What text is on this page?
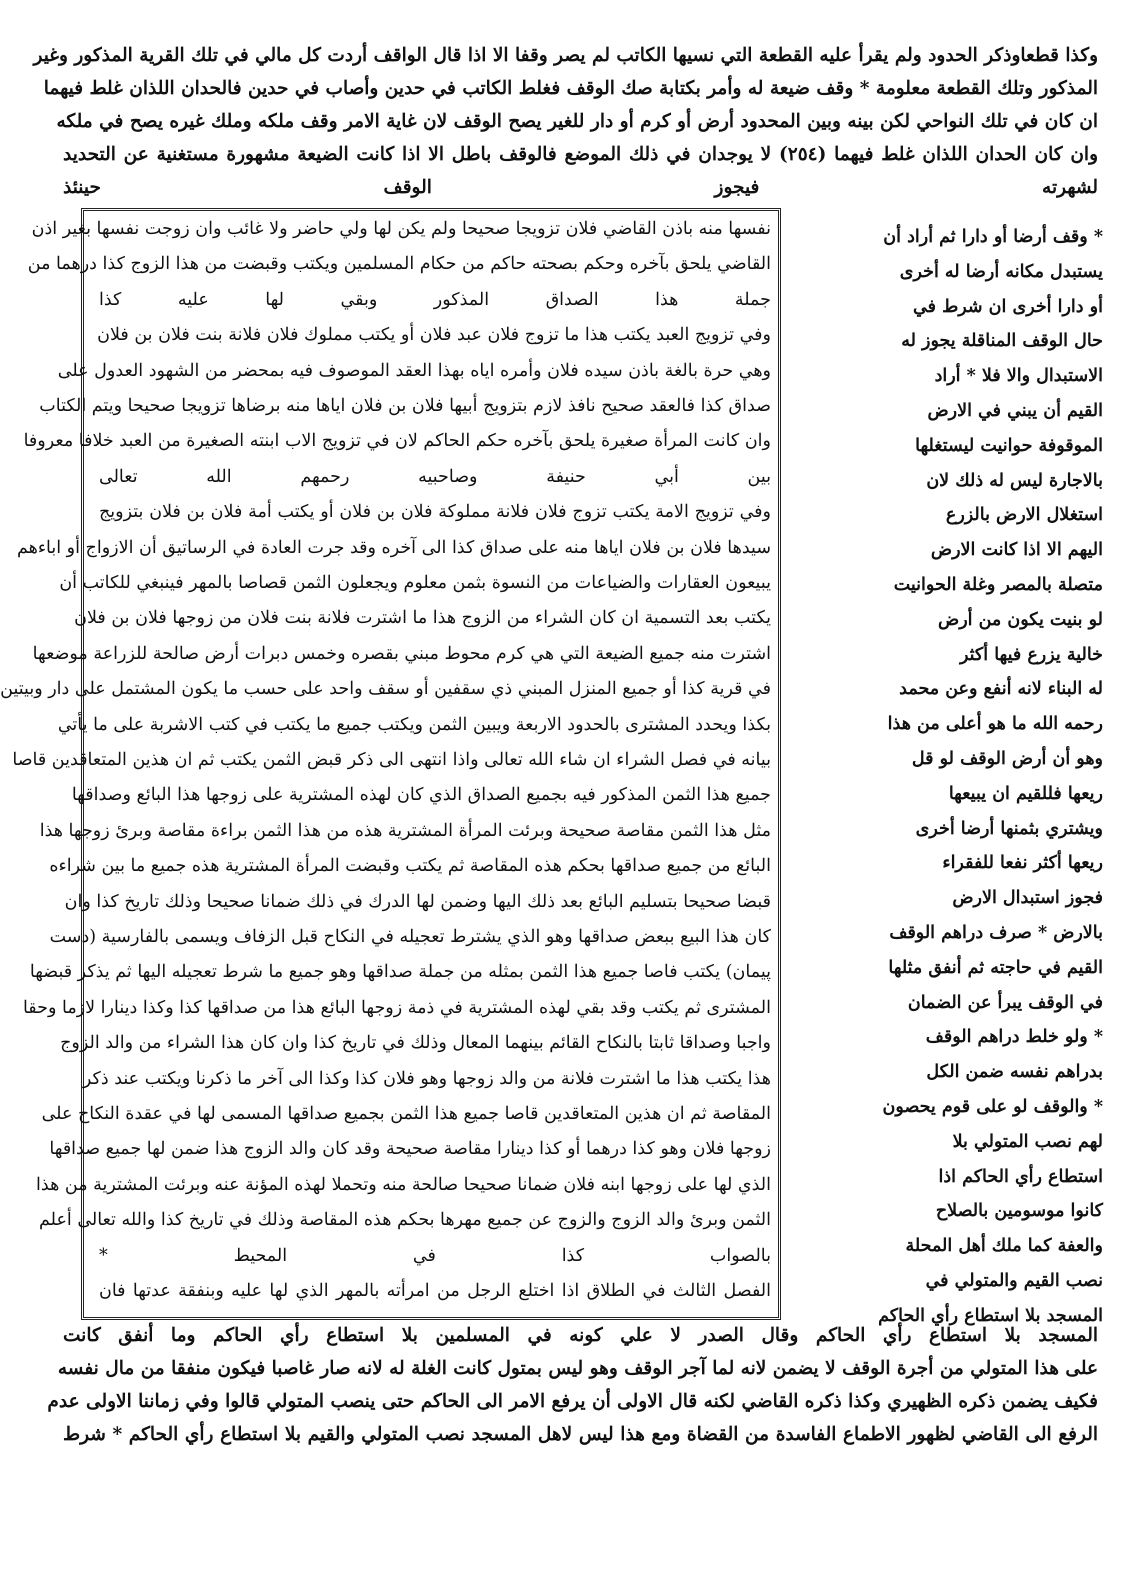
وكذا قطعاوذكر الحدود ولم يقرأ عليه القطعة التي نسيها الكاتب لم يصر وقفا الا اذا قال الواقف أردت كل مالي في تلك القرية المذكور وغير
المذكور وتلك القطعة معلومة * وقف ضيعة له وأمر بكتابة صك الوقف فغلط الكاتب في حدين وأصاب في حدين فالحدان اللذان غلط فيهما
ان كان في تلك النواحي لكن بينه وبين المحدود أرض أو كرم أو دار للغير يصح الوقف لان غاية الامر وقف ملكه وملك غيره يصح في ملكه
وان كان الحدان اللذان غلط فيهما (٢٥٤) لا يوجدان في ذلك الموضع فالوقف باطل الا اذا كانت الضيعة مشهورة مستغنية عن التحديد
لشهرته فيجوز الوقف حينئذ
نفسها منه باذن القاضي فلان تزويجا صحيحا ولم يكن لها ولي حاضر ولا غائب وان زوجت نفسها بغير اذن
القاضي يلحق بآخره وحكم بصحته حاكم من حكام المسلمين ويكتب وقبضت من هذا الزوج كذا درهما من
جملة هذا الصداق المذكور وبقي لها عليه كذا
وفي تزويج العبد يكتب هذا ما تزوج فلان عبد فلان أو يكتب مملوك فلان فلانة بنت فلان بن فلان
وهي حرة بالغة باذن سيده فلان وأمره اياه بهذا العقد الموصوف فيه بمحضر من الشهود العدول على
صداق كذا فالعقد صحيح نافذ لازم بتزويج أبيها فلان بن فلان اياها منه برضاها تزويجا صحيحا ويتم الكتاب
وان كانت المرأة صغيرة يلحق بآخره حكم الحاكم لان في تزويج الاب ابنته الصغيرة من العبد خلافا معروفا
بين أبي حنيفة وصاحبيه رحمهم الله تعالى
وفي تزويج الامة يكتب تزوج فلان فلانة مملوكة فلان بن فلان أو يكتب أمة فلان بن فلان بتزويج
سيدها فلان بن فلان اياها منه على صداق كذا الى آخره وقد جرت العادة في الرساتيق أن الازواج أو اباءهم
يبيعون العقارات والضياعات من النسوة بثمن معلوم ويجعلون الثمن قصاصا بالمهر فينبغي للكاتب أن
يكتب بعد التسمية ان كان الشراء من الزوج هذا ما اشترت فلانة بنت فلان من زوجها فلان بن فلان
اشترت منه جميع الضيعة التي هي كرم محوط مبني بقصره وخمس دبرات أرض صالحة للزراعة موضعها
في قرية كذا أو جميع المنزل المبني ذي سقفين أو سقف واحد على حسب ما يكون المشتمل على دار وبيتين
بكذا ويحدد المشترى بالحدود الاربعة ويبين الثمن ويكتب جميع ما يكتب في كتب الاشربة على ما يأتي
بيانه في فصل الشراء ان شاء الله تعالى واذا انتهى الى ذكر قبض الثمن يكتب ثم ان هذين المتعاقدين قاصا
جميع هذا الثمن المذكور فيه بجميع الصداق الذي كان لهذه المشترية على زوجها هذا البائع وصداقها
مثل هذا الثمن مقاصة صحيحة وبرئت المرأة المشترية هذه من هذا الثمن براءة مقاصة وبرئ زوجها هذا
البائع من جميع صداقها بحكم هذه المقاصة ثم يكتب وقبضت المرأة المشترية هذه جميع ما بين شراءه
قبضا صحيحا بتسليم البائع بعد ذلك اليها وضمن لها الدرك في ذلك ضمانا صحيحا وذلك تاريخ كذا وان
كان هذا البيع ببعض صداقها وهو الذي يشترط تعجيله في النكاح قبل الزفاف ويسمى بالفارسية (دست
پیمان) يكتب فاصا جميع هذا الثمن بمثله من جملة صداقها وهو جميع ما شرط تعجيله اليها ثم يذكر قبضها
المشترى ثم يكتب وقد بقي لهذه المشترية في ذمة زوجها البائع هذا من صداقها كذا وكذا دينارا لازما وحقا
واجبا وصداقا ثابتا بالنكاح القائم بينهما المعال وذلك في تاريخ كذا وان كان هذا الشراء من والد الزوج
هذا يكتب هذا ما اشترت فلانة من والد زوجها وهو فلان كذا وكذا الى آخر ما ذكرنا ويكتب عند ذكر
المقاصة ثم ان هذين المتعاقدين قاصا جميع هذا الثمن بجميع صداقها المسمى لها في عقدة النكاح على
زوجها فلان وهو كذا درهما أو كذا دينارا مقاصة صحيحة وقد كان والد الزوج هذا ضمن لها جميع صداقها
الذي لها على زوجها ابنه فلان ضمانا صحيحا صالحة منه وتحملا لهذه المؤنة عنه وبرئت المشترية من هذا
الثمن وبرئ والد الزوج والزوج عن جميع مهرها بحكم هذه المقاصة وذلك في تاريخ كذا والله تعالى أعلم
بالصواب كذا في المحيط *
الفصل الثالث في الطلاق اذا اختلع الرجل من امرأته بالمهر الذي لها عليه وبنفقة عدتها فان
* وقف أرضا أو دارا ثم أراد أن
يستبدل مكانه أرضا له أخرى
أو دارا أخرى ان شرط في
حال الوقف المناقلة يجوز له
الاستبدال والا فلا * أراد
القيم أن يبني في الارض
الموقوفة حوانيت ليستغلها
بالاجارة ليس له ذلك لان
استغلال الارض بالزرع
اليهم الا اذا كانت الارض
متصلة بالمصر وغلة الحوانيت
لو بنيت يكون من أرض
خالية يزرع فيها أكثر
له البناء لانه أنفع وعن محمد
رحمه الله ما هو أعلى من هذا
وهو أن أرض الوقف لو قل
ريعها فللقيم ان يبيعها
ويشتري بثمنها أرضا أخرى
ريعها أكثر نفعا للفقراء
فجوز استبدال الارض
بالارض * صرف دراهم الوقف
القيم في حاجته ثم أنفق مثلها
في الوقف يبرأ عن الضمان
* ولو خلط دراهم الوقف
بدراهم نفسه ضمن الكل
* والوقف لو على قوم يحصون
لهم نصب المتولي بلا
استطاع رأي الحاكم اذا
كانوا موسومين بالصلاح
والعفة كما ملك أهل المحلة
نصب القيم والمتولي في
المسجد بلا استطاع رأي الحاكم
المسجد بلا استطاع رأي الحاكم وقال الصدر لا علي كونه في المسلمين بلا استطاع رأي الحاكم وما أنفق كانت
على هذا المتولي من أجرة الوقف لا يضمن لانه لما آجر الوقف وهو ليس بمتول كانت الغلة له لانه صار غاصبا فيكون منفقا من مال نفسه
فكيف يضمن ذكره الظهيري وكذا ذكره القاضي لكنه قال الاولى أن يرفع الامر الى الحاكم حتى ينصب المتولي قالوا وفي زماننا الاولى عدم
الرفع الى القاضي لظهور الاطماع الفاسدة من القضاة ومع هذا ليس لاهل المسجد نصب المتولي والقيم بلا استطاع رأي الحاكم * شرط
